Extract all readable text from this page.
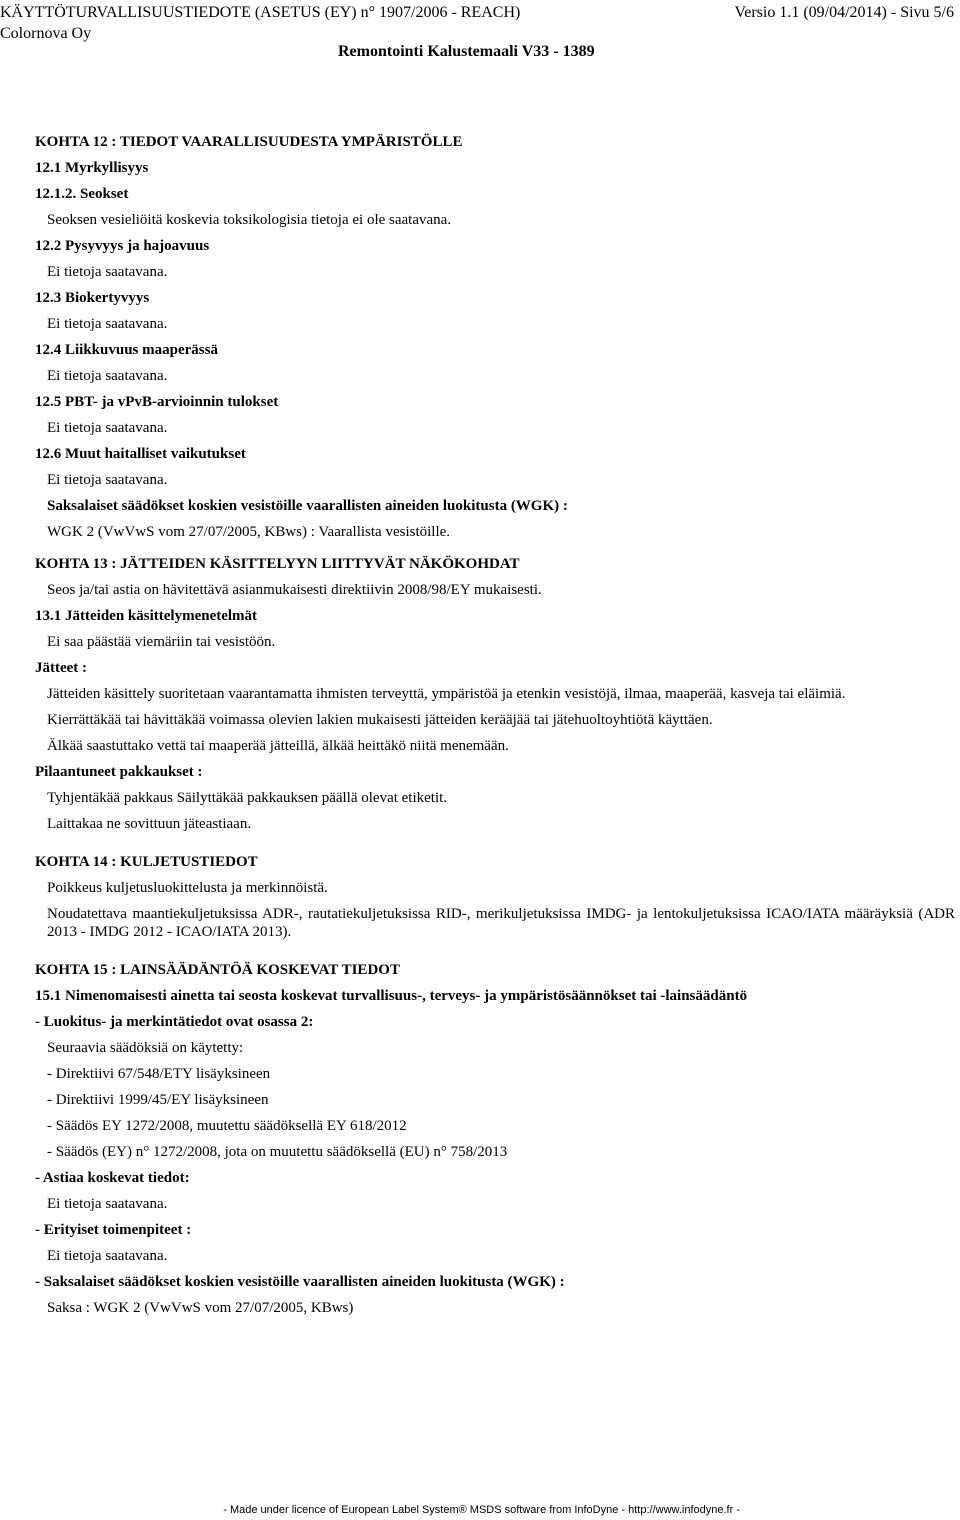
KÄYTTÖTURVALLISUUSTIEDOTE (ASETUS (EY) n° 1907/2006 - REACH)	Versio 1.1 (09/04/2014) - Sivu 5/6
Colornova Oy
Remontointi Kalustemaali V33 - 1389
KOHTA 12 : TIEDOT VAARALLISUUDESTA YMPÄRISTÖLLE
12.1 Myrkyllisyys
12.1.2. Seokset
Seoksen vesieliöitä koskevia toksikologisia tietoja ei ole saatavana.
12.2 Pysyvyys ja hajoavuus
Ei tietoja saatavana.
12.3 Biokertyvyys
Ei tietoja saatavana.
12.4 Liikkuvuus maaperässä
Ei tietoja saatavana.
12.5 PBT- ja vPvB-arvioinnin tulokset
Ei tietoja saatavana.
12.6 Muut haitalliset vaikutukset
Ei tietoja saatavana.
Saksalaiset säädökset koskien vesistöille vaarallisten aineiden luokitusta (WGK) :
WGK 2 (VwVwS vom 27/07/2005, KBws) : Vaarallista vesistöille.
KOHTA 13 : JÄTTEIDEN KÄSITTELYYN LIITTYVÄT NÄKÖKOHDAT
Seos ja/tai astia on hävitettävä asianmukaisesti direktiivin 2008/98/EY mukaisesti.
13.1 Jätteiden käsittelymenetelmät
Ei saa päästää viemäriin tai vesistöön.
Jätteet :
Jätteiden käsittely suoritetaan vaarantamatta ihmisten terveyttä, ympäristöä ja etenkin vesistöjä, ilmaa, maaperää, kasveja tai eläimiä.
Kierrättäkää tai hävittäkää voimassa olevien lakien mukaisesti jätteiden kerääjää tai jätehuoltoyhtiötä käyttäen.
Älkää saastuttako vettä tai maaperää jätteillä, älkää heittäkö niitä menemään.
Pilaantuneet pakkaukset :
Tyhjentäkää pakkaus Säilyttäkää pakkauksen päällä olevat etiketit.
Laittakaa ne sovittuun jäteastiaan.
KOHTA 14 : KULJETUSTIEDOT
Poikkeus kuljetusluokittelusta ja merkinnöistä.
Noudatettava maantiekuljetuksissa ADR-, rautatiekuljetuksissa RID-, merikuljetuksissa IMDG- ja lentokuljetuksissa ICAO/IATA määräyksiä (ADR 2013 - IMDG 2012 - ICAO/IATA 2013).
KOHTA 15 : LAINSÄÄDÄNTÖÄ KOSKEVAT TIEDOT
15.1 Nimenomaisesti ainetta tai seosta koskevat turvallisuus-, terveys- ja ympäristösäännökset tai -lainsäädäntö
- Luokitus- ja merkintätiedot ovat osassa 2:
Seuraavia säädöksiä on käytetty:
- Direktiivi 67/548/ETY lisäyksineen
- Direktiivi 1999/45/EY lisäyksineen
- Säädös EY 1272/2008, muutettu säädöksellä EY 618/2012
- Säädös (EY) n° 1272/2008, jota on muutettu säädöksellä (EU) n° 758/2013
- Astiaa koskevat tiedot:
Ei tietoja saatavana.
- Erityiset toimenpiteet :
Ei tietoja saatavana.
- Saksalaiset säädökset koskien vesistöille vaarallisten aineiden luokitusta (WGK) :
Saksa : WGK 2 (VwVwS vom 27/07/2005, KBws)
- Made under licence of European Label System® MSDS software from InfoDyne - http://www.infodyne.fr -
